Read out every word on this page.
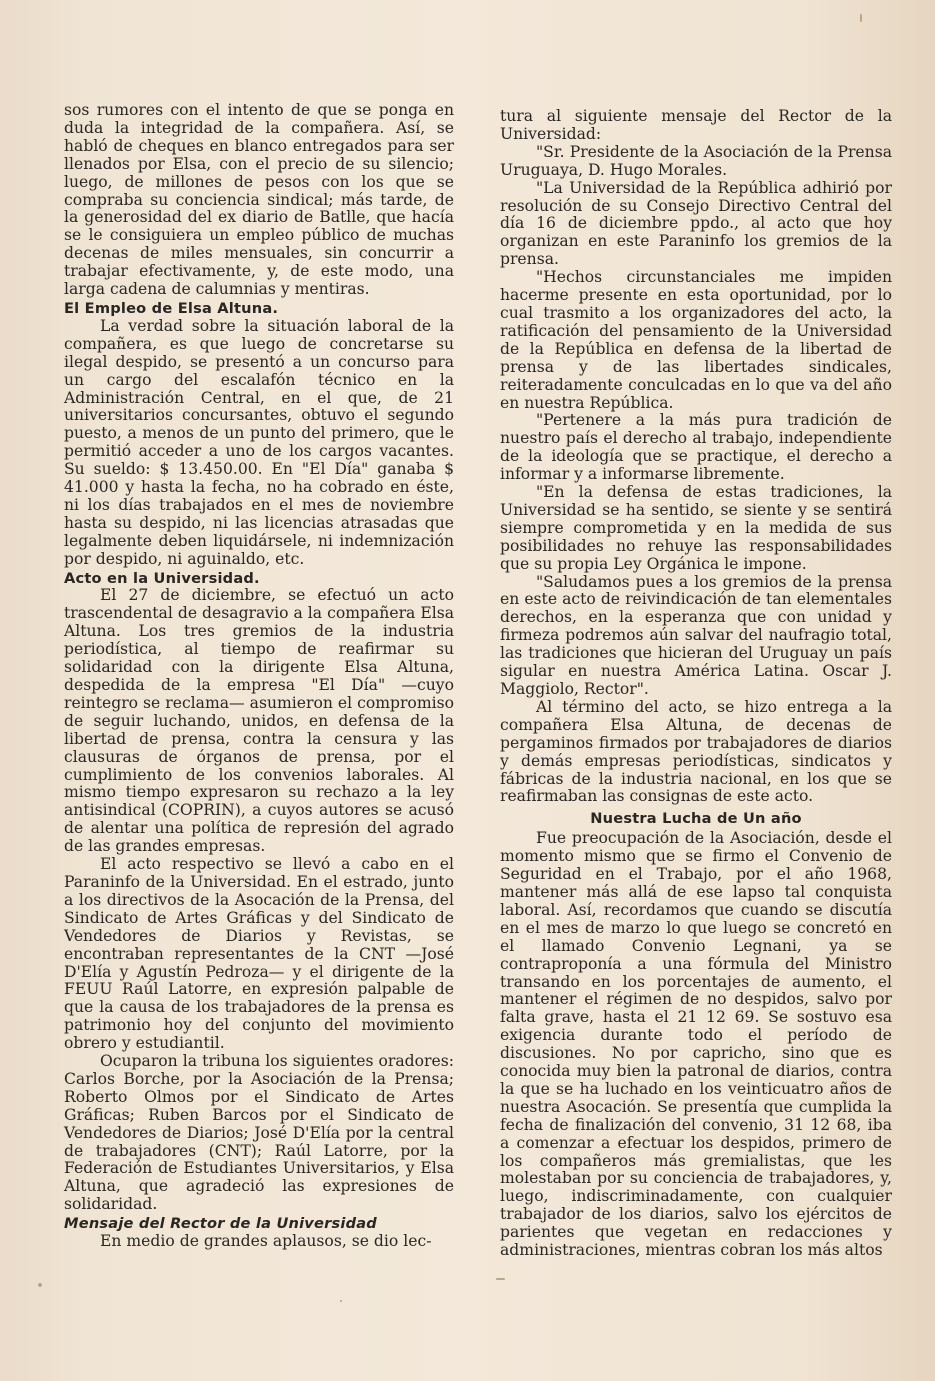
sos rumores con el intento de que se ponga en duda la integridad de la compañera. Así, se habló de cheques en blanco entregados para ser llenados por Elsa, con el precio de su silencio; luego, de millones de pesos con los que se compraba su conciencia sindical; más tarde, de la generosidad del ex diario de Batlle, que hacía se le consiguiera un empleo público de muchas decenas de miles mensuales, sin concurrir a trabajar efectivamente, y, de este modo, una larga cadena de calumnias y mentiras.

El Empleo de Elsa Altuna.

La verdad sobre la situación laboral de la compañera, es que luego de concretarse su ilegal despido, se presentó a un concurso para un cargo del escalafón técnico en la Administración Central, en el que, de 21 universitarios concursantes, obtuvo el segundo puesto, a menos de un punto del primero, que le permitió acceder a uno de los cargos vacantes. Su sueldo: $ 13.450.00. En "El Día" ganaba $ 41.000 y hasta la fecha, no ha cobrado en éste, ni los días trabajados en el mes de noviembre hasta su despido, ni las licencias atrasadas que legalmente deben liquidársele, ni indemnización por despido, ni aguinaldo, etc.

Acto en la Universidad.

El 27 de diciembre, se efectuó un acto trascendental de desagravio a la compañera Elsa Altuna. Los tres gremios de la industria periodística, al tiempo de reafirmar su solidaridad con la dirigente Elsa Altuna, despedida de la empresa "El Día" —cuyo reintegro se reclama— asumieron el compromiso de seguir luchando, unidos, en defensa de la libertad de prensa, contra la censura y las clausuras de órganos de prensa, por el cumplimiento de los convenios laborales. Al mismo tiempo expresaron su rechazo a la ley antisindical (COPRIN), a cuyos autores se acusó de alentar una política de represión del agrado de las grandes empresas.

El acto respectivo se llevó a cabo en el Paraninfo de la Universidad. En el estrado, junto a los directivos de la Asocación de la Prensa, del Sindicato de Artes Gráficas y del Sindicato de Vendedores de Diarios y Revistas, se encontraban representantes de la CNT —José D'Elía y Agustín Pedroza— y el dirigente de la FEUU Raúl Latorre, en expresión palpable de que la causa de los trabajadores de la prensa es patrimonio hoy del conjunto del movimiento obrero y estudiantil.

Ocuparon la tribuna los siguientes oradores: Carlos Borche, por la Asociación de la Prensa; Roberto Olmos por el Sindicato de Artes Gráficas; Ruben Barcos por el Sindicato de Vendedores de Diarios; José D'Elía por la central de trabajadores (CNT); Raúl Latorre, por la Federación de Estudiantes Universitarios, y Elsa Altuna, que agradeció las expresiones de solidaridad.

Mensaje del Rector de la Universidad

En medio de grandes aplausos, se dio lec-

tura al siguiente mensaje del Rector de la Universidad:

"Sr. Presidente de la Asociación de la Prensa Uruguaya, D. Hugo Morales.

"La Universidad de la República adhirió por resolución de su Consejo Directivo Central del día 16 de diciembre ppdo., al acto que hoy organizan en este Paraninfo los gremios de la prensa.

"Hechos circunstanciales me impiden hacerme presente en esta oportunidad, por lo cual trasmito a los organizadores del acto, la ratificación del pensamiento de la Universidad de la República en defensa de la libertad de prensa y de las libertades sindicales, reiteradamente conculcadas en lo que va del año en nuestra República.

"Pertenere a la más pura tradición de nuestro país el derecho al trabajo, independiente de la ideología que se practique, el derecho a informar y a informarse libremente.

"En la defensa de estas tradiciones, la Universidad se ha sentido, se siente y se sentirá siempre comprometida y en la medida de sus posibilidades no rehuye las responsabilidades que su propia Ley Orgánica le impone.

"Saludamos pues a los gremios de la prensa en este acto de reivindicación de tan elementales derechos, en la esperanza que con unidad y firmeza podremos aún salvar del naufragio total, las tradiciones que hicieran del Uruguay un país sigular en nuestra América Latina. Oscar J. Maggiolo, Rector".

Al término del acto, se hizo entrega a la compañera Elsa Altuna, de decenas de pergaminos firmados por trabajadores de diarios y demás empresas periodísticas, sindicatos y fábricas de la industria nacional, en los que se reafirmaban las consignas de este acto.

Nuestra Lucha de Un año

Fue preocupación de la Asociación, desde el momento mismo que se firmo el Convenio de Seguridad en el Trabajo, por el año 1968, mantener más allá de ese lapso tal conquista laboral. Así, recordamos que cuando se discutía en el mes de marzo lo que luego se concretó en el llamado Convenio Legnani, ya se contraproponía a una fórmula del Ministro transando en los porcentajes de aumento, el mantener el régimen de no despidos, salvo por falta grave, hasta el 21 12 69. Se sostuvo esa exigencia durante todo el período de discusiones. No por capricho, sino que es conocida muy bien la patronal de diarios, contra la que se ha luchado en los veinticuatro años de nuestra Asocación. Se presentía que cumplida la fecha de finalización del convenio, 31 12 68, iba a comenzar a efectuar los despidos, primero de los compañeros más gremialistas, que les molestaban por su conciencia de trabajadores, y, luego, indiscriminadamente, con cualquier trabajador de los diarios, salvo los ejércitos de parientes que vegetan en redacciones y administraciones, mientras cobran los más altos
